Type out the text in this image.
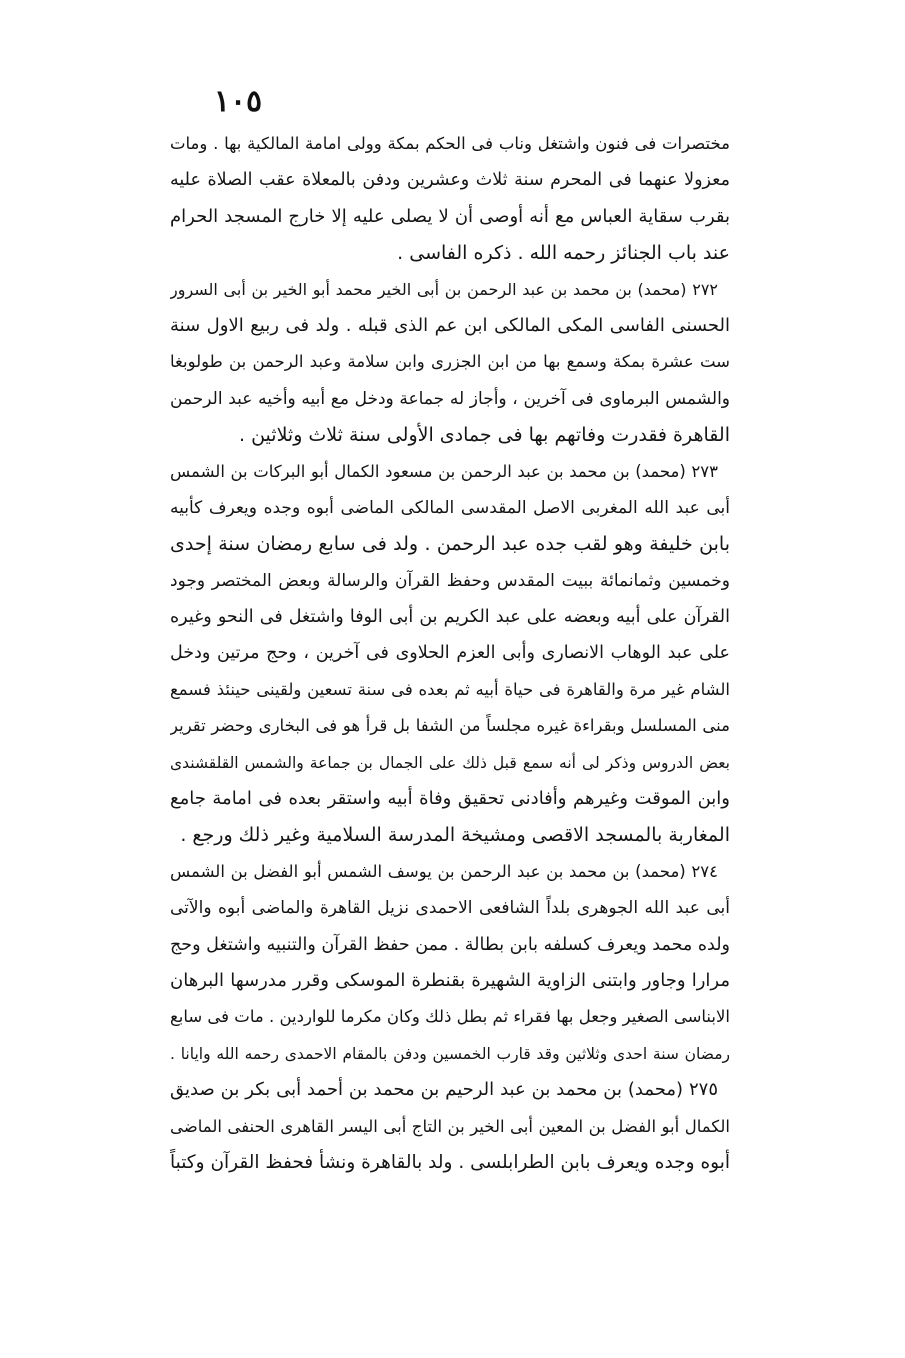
١٠٥
مختصرات فى فنون واشتغل وناب فى الحكم بمكة وولى امامة المالكية بها . ومات
معزولا عنهما فى المحرم سنة ثلاث وعشرين ودفن بالمعلاة عقب الصلاة عليه
بقرب سقاية العباس مع أنه أوصى أن لا يصلى عليه إلا خارج المسجد الحرام
عند باب الجنائز رحمه الله . ذكره الفاسى .
٢٧٢ (محمد) بن محمد بن عبد الرحمن بن أبى الخير محمد أبو الخير بن أبى السرور
الحسنى الفاسى المكى المالكى ابن عم الذى قبله . ولد فى ربيع الاول سنة
ست عشرة بمكة وسمع بها من ابن الجزرى وابن سلامة وعبد الرحمن بن طولوبغا
والشمس البرماوى فى آخرين ، وأجاز له جماعة ودخل مع أبيه وأخيه عبد الرحمن
القاهرة فقدرت وفاتهم بها فى جمادى الأولى سنة ثلاث وثلاثين .
٢٧٣ (محمد) بن محمد بن عبد الرحمن بن مسعود الكمال أبو البركات بن الشمس
أبى عبد الله المغربى الاصل المقدسى المالكى الماضى أبوه وجده ويعرف كأبيه
بابن خليفة وهو لقب جده عبد الرحمن . ولد فى سابع رمضان سنة إحدى
وخمسين وثمانمائة ببيت المقدس وحفظ القرآن والرسالة وبعض المختصر وجود
القرآن على أبيه وبعضه على عبد الكريم بن أبى الوفا واشتغل فى النحو وغيره
على عبد الوهاب الانصارى وأبى العزم الحلاوى فى آخرين ، وحج مرتين ودخل
الشام غير مرة والقاهرة فى حياة أبيه ثم بعده فى سنة تسعين ولقينى حينئذ فسمع
منى المسلسل وبقراءة غيره مجلساً من الشفا بل قرأ هو فى البخارى وحضر تقرير
بعض الدروس وذكر لى أنه سمع قبل ذلك على الجمال بن جماعة والشمس القلقشندى
وابن الموقت وغيرهم وأفادنى تحقيق وفاة أبيه واستقر بعده فى امامة جامع
المغاربة بالمسجد الاقصى ومشيخة المدرسة السلامية وغير ذلك ورجع .
٢٧٤ (محمد) بن محمد بن عبد الرحمن بن يوسف الشمس أبو الفضل بن الشمس
أبى عبد الله الجوهرى بلداً الشافعى الاحمدى نزيل القاهرة والماضى أبوه والآتى
ولده محمد ويعرف كسلفه بابن بطالة . ممن حفظ القرآن والتنبيه واشتغل وحج
مرارا وجاور وابتنى الزاوية الشهيرة بقنطرة الموسكى وقرر مدرسها البرهان
الابناسى الصغير وجعل بها فقراء ثم بطل ذلك وكان مكرما للواردين . مات فى سابع
رمضان سنة احدى وثلاثين وقد قارب الخمسين ودفن بالمقام الاحمدى رحمه الله وايانا .
٢٧٥ (محمد) بن محمد بن عبد الرحيم بن محمد بن أحمد أبى بكر بن صديق
الكمال أبو الفضل بن المعين أبى الخير بن التاج أبى اليسر القاهرى الحنفى الماضى
أبوه وجده ويعرف بابن الطرابلسى . ولد بالقاهرة ونشأ فحفظ القرآن وكتباً
